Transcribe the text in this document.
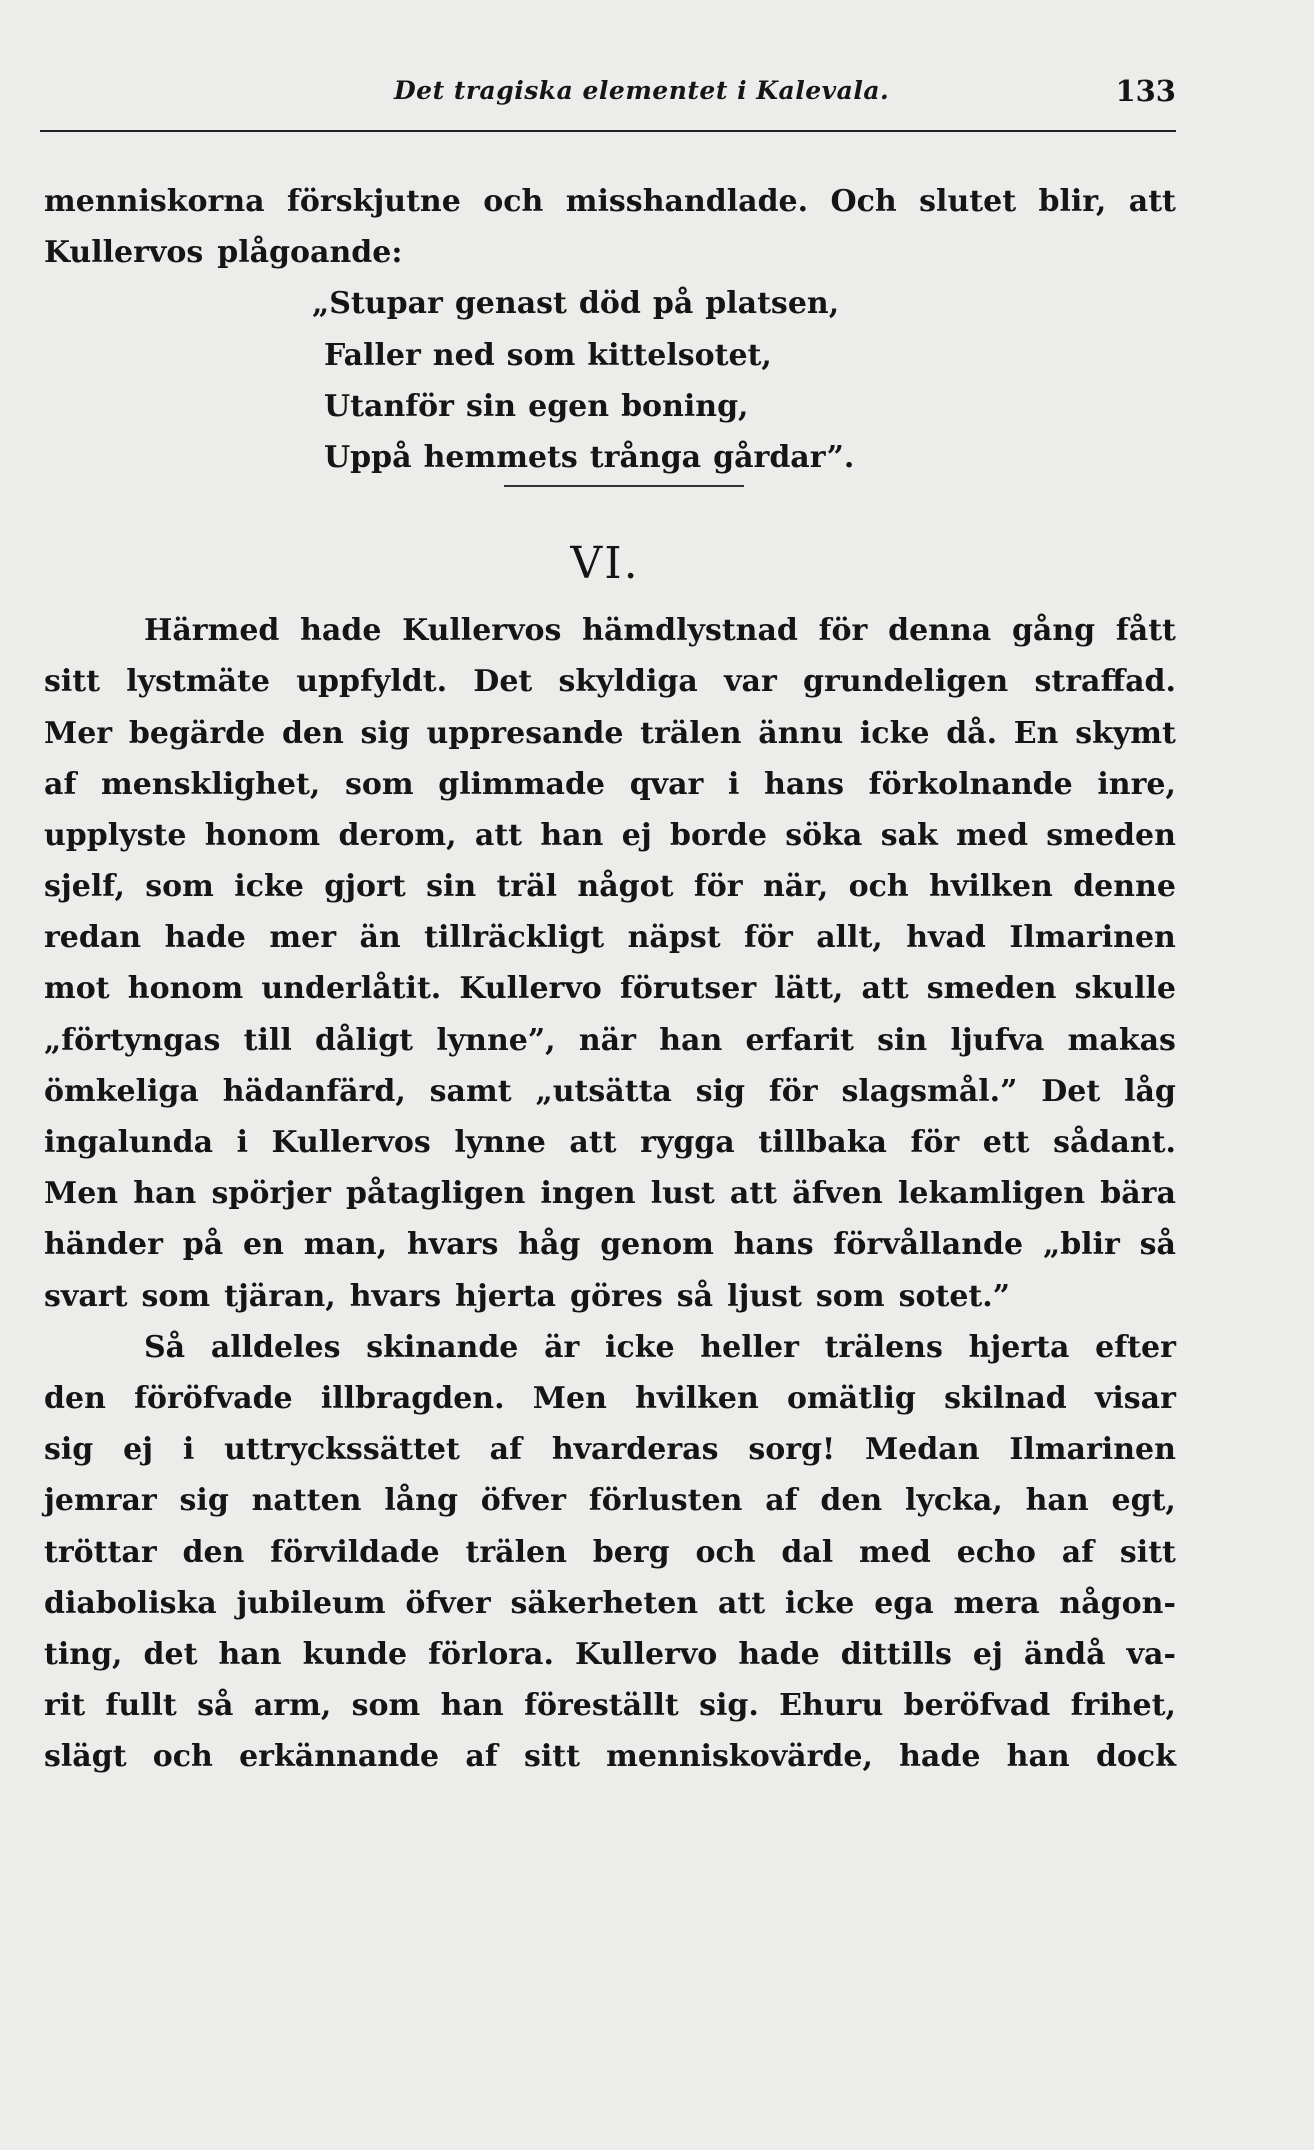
Det tragiska elementet i Kalevala.	133
menniskorna förskjutne och misshandlade. Och slutet blir, att
Kullervos plågoande:
„Stupar genast död på platsen,
Faller ned som kittelsotet,
Utanför sin egen boning,
Uppå hemmets trånga gårdar”.
VI.
Härmed hade Kullervos hämdlystnad för denna gång fått
sitt lystmäte uppfyldt. Det skyldiga var grundeligen straffad.
Mer begärde den sig uppresande trälen ännu icke då. En skymt
af mensklighet, som glimmade qvar i hans förkolnande inre,
upplyste honom derom, att han ej borde söka sak med smeden
sjelf, som icke gjort sin träl något för när, och hvilken denne
redan hade mer än tillräckligt näpst för allt, hvad Ilmarinen
mot honom underlåtit. Kullervo förutser lätt, att smeden skulle
„förtyngas till dåligt lynne”, när han erfarit sin ljufva makas
ömkeliga hädanfärd, samt „utsätta sig för slagsmål.” Det låg
ingalunda i Kullervos lynne att rygga tillbaka för ett sådant.
Men han spörjer påtagligen ingen lust att äfven lekamligen bära
händer på en man, hvars håg genom hans förvållande „blir så
svart som tjäran, hvars hjerta göres så ljust som sotet.”
Så alldeles skinande är icke heller trälens hjerta efter
den föröfvade illbragden. Men hvilken omätlig skilnad visar
sig ej i uttryckssättet af hvarderas sorg! Medan Ilmarinen
jemrar sig natten lång öfver förlusten af den lycka, han egt,
tröttar den förvildade trälen berg och dal med echo af sitt
diaboliska jubileum öfver säkerheten att icke ega mera någon-
ting, det han kunde förlora. Kullervo hade dittills ej ändå va-
rit fullt så arm, som han föreställt sig. Ehuru beröfvad frihet,
slägt och erkännande af sitt menniskovärde, hade han dock
